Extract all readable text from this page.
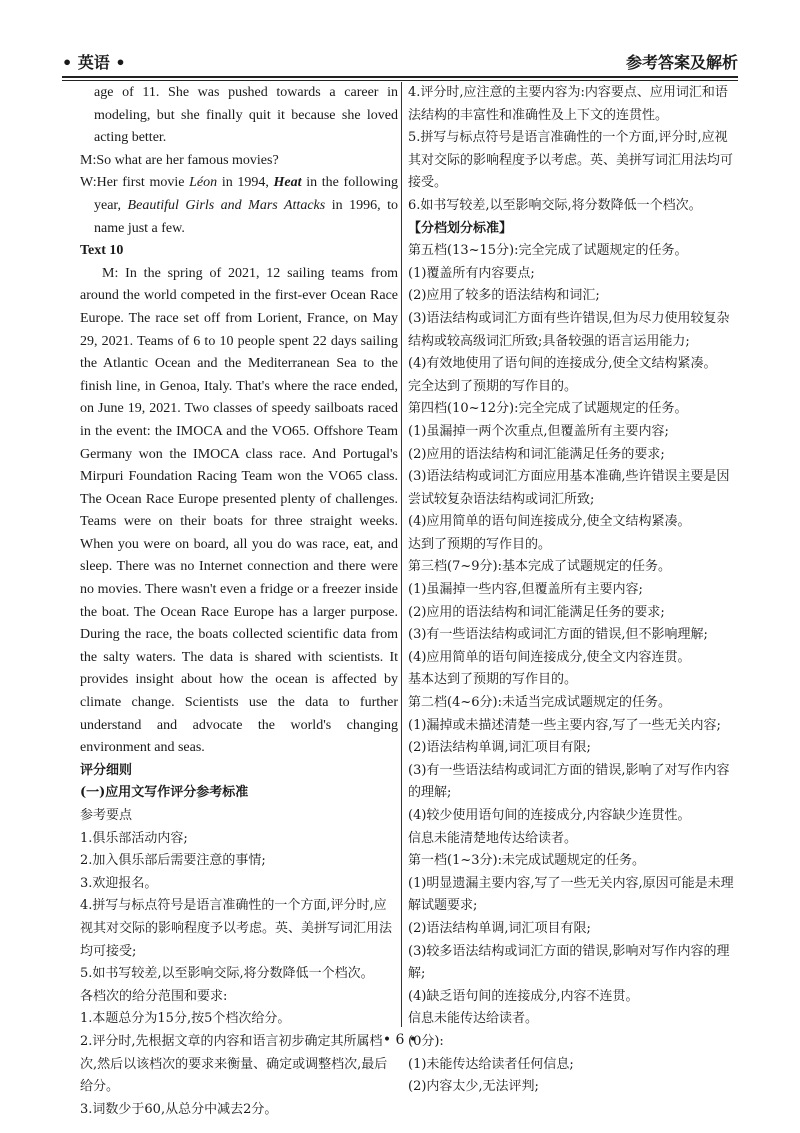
• 英语 •	参考答案及解析

age of 11. She was pushed towards a career in modeling, but she finally quit it because she loved acting better.

M:So what are her famous movies?

W:Her first movie Léon in 1994, Heat in the following year, Beautiful Girls and Mars Attacks in 1996, to name just a few.

Text 10

M: In the spring of 2021, 12 sailing teams from around the world competed in the first-ever Ocean Race Europe. The race set off from Lorient, France, on May 29, 2021. Teams of 6 to 10 people spent 22 days sailing the Atlantic Ocean and the Mediterranean Sea to the finish line, in Genoa, Italy. That's where the race ended, on June 19, 2021. Two classes of speedy sailboats raced in the event: the IMOCA and the VO65. Offshore Team Germany won the IMOCA class race. And Portugal's Mirpuri Foundation Racing Team won the VO65 class. The Ocean Race Europe presented plenty of challenges. Teams were on their boats for three straight weeks. When you were on board, all you do was race, eat, and sleep. There was no Internet connection and there were no movies. There wasn't even a fridge or a freezer inside the boat. The Ocean Race Europe has a larger purpose. During the race, the boats collected scientific data from the salty waters. The data is shared with scientists. It provides insight about how the ocean is affected by climate change. Scientists use the data to further understand and advocate the world's changing environment and seas.

评分细则

(一)应用文写作评分参考标准

参考要点

1.俱乐部活动内容;

2.加入俱乐部后需要注意的事情;

3.欢迎报名。

4.拼写与标点符号是语言准确性的一个方面,评分时,应视其对交际的影响程度予以考虑。英、美拼写词汇用法均可接受;

5.如书写较差,以至影响交际,将分数降低一个档次。

各档次的给分范围和要求:

1.本题总分为15分,按5个档次给分。

2.评分时,先根据文章的内容和语言初步确定其所属档次,然后以该档次的要求来衡量、确定或调整档次,最后给分。

3.词数少于60,从总分中减去2分。

4.评分时,应注意的主要内容为:内容要点、应用词汇和语法结构的丰富性和准确性及上下文的连贯性。

5.拼写与标点符号是语言准确性的一个方面,评分时,应视其对交际的影响程度予以考虑。英、美拼写词汇用法均可接受。

6.如书写较差,以至影响交际,将分数降低一个档次。

【分档划分标准】

第五档(13~15分):完全完成了试题规定的任务。

(1)覆盖所有内容要点;

(2)应用了较多的语法结构和词汇;

(3)语法结构或词汇方面有些许错误,但为尽力使用较复杂结构或较高级词汇所致;具备较强的语言运用能力;

(4)有效地使用了语句间的连接成分,使全文结构紧凑。

完全达到了预期的写作目的。

第四档(10~12分):完全完成了试题规定的任务。

(1)虽漏掉一两个次重点,但覆盖所有主要内容;

(2)应用的语法结构和词汇能满足任务的要求;

(3)语法结构或词汇方面应用基本准确,些许错误主要是因尝试较复杂语法结构或词汇所致;

(4)应用简单的语句间连接成分,使全文结构紧凑。

达到了预期的写作目的。

第三档(7~9分):基本完成了试题规定的任务。

(1)虽漏掉一些内容,但覆盖所有主要内容;

(2)应用的语法结构和词汇能满足任务的要求;

(3)有一些语法结构或词汇方面的错误,但不影响理解;

(4)应用简单的语句间连接成分,使全文内容连贯。

基本达到了预期的写作目的。

第二档(4~6分):未适当完成试题规定的任务。

(1)漏掉或未描述清楚一些主要内容,写了一些无关内容;

(2)语法结构单调,词汇项目有限;

(3)有一些语法结构或词汇方面的错误,影响了对写作内容的理解;

(4)较少使用语句间的连接成分,内容缺少连贯性。

信息未能清楚地传达给读者。

第一档(1~3分):未完成试题规定的任务。

(1)明显遗漏主要内容,写了一些无关内容,原因可能是未理解试题要求;

(2)语法结构单调,词汇项目有限;

(3)较多语法结构或词汇方面的错误,影响对写作内容的理解;

(4)缺乏语句间的连接成分,内容不连贯。

信息未能传达给读者。

(0分):

(1)未能传达给读者任何信息;

(2)内容太少,无法评判;

• 6 •
